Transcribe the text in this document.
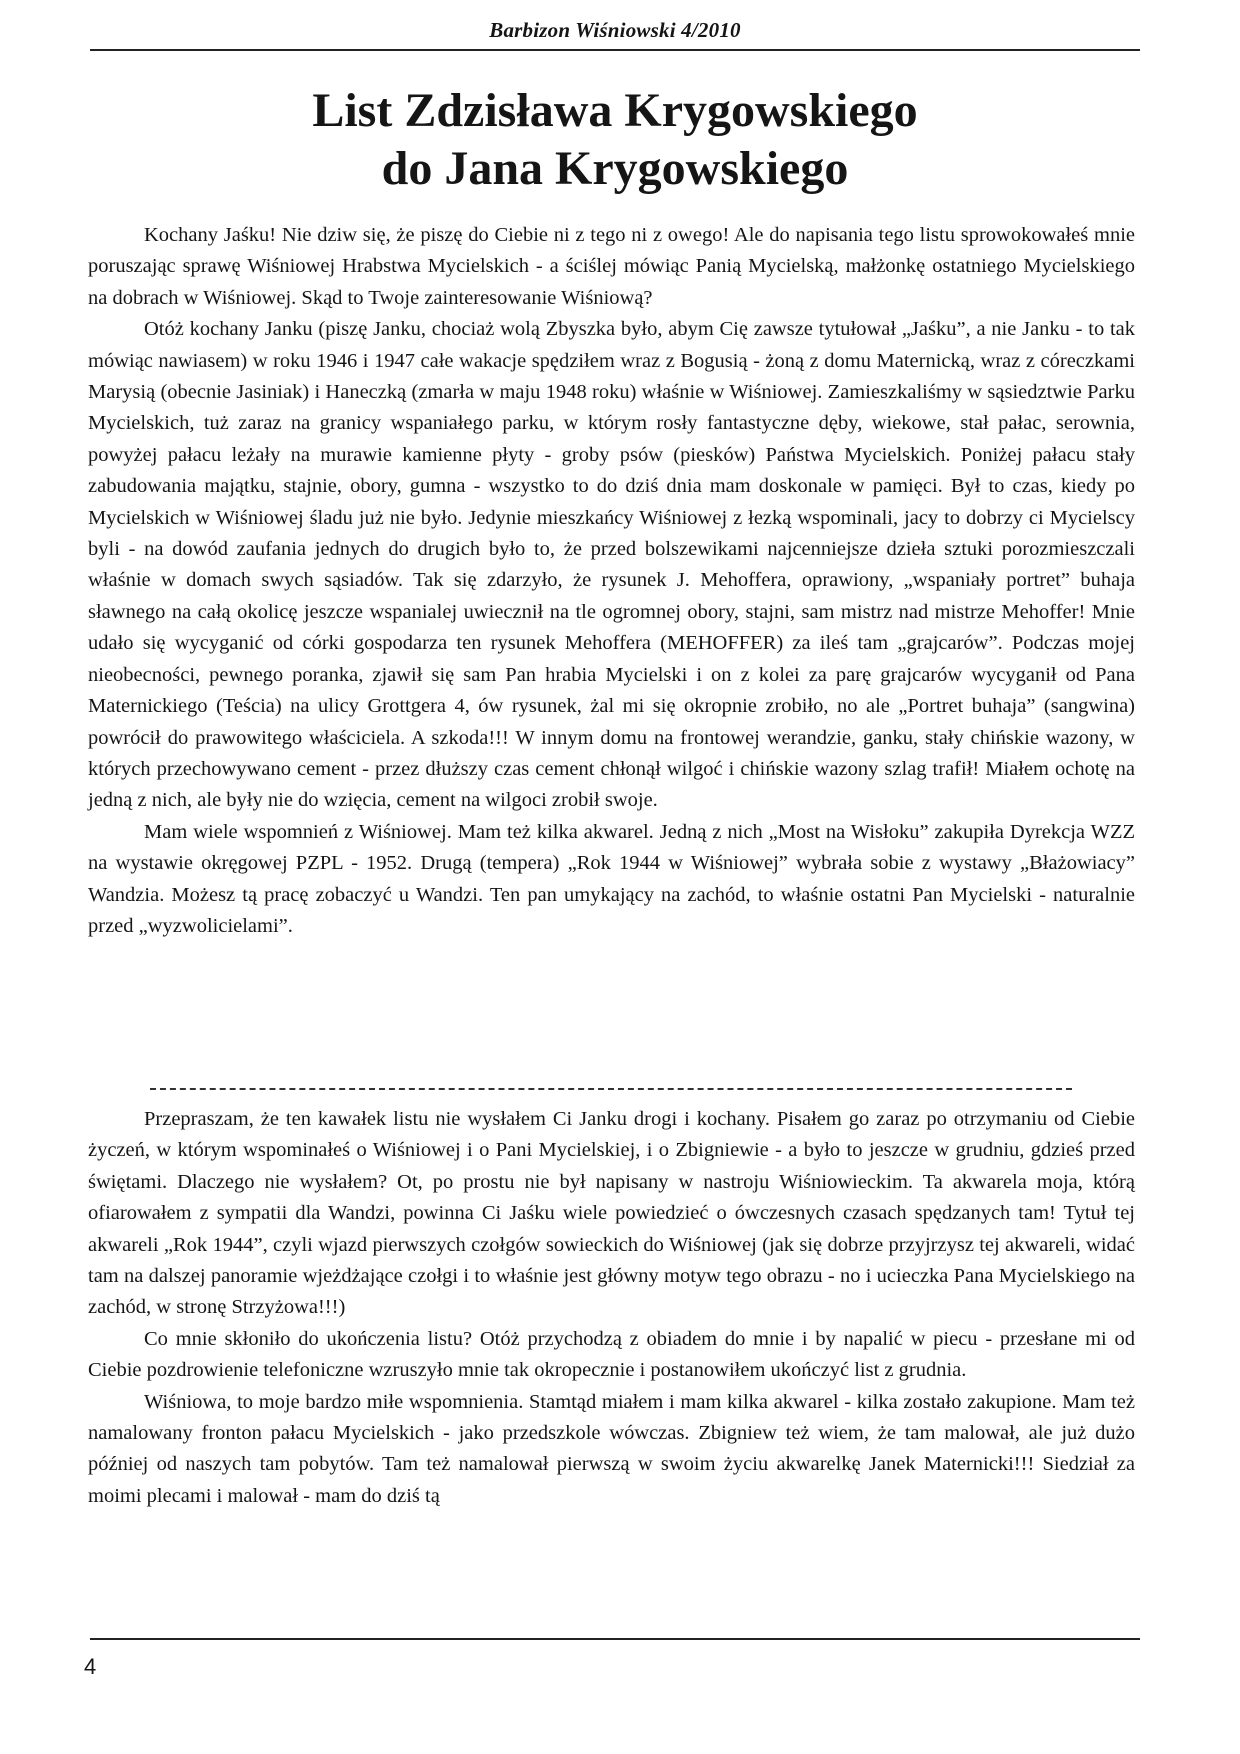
Barbizon Wiśniowski 4/2010
List Zdzisława Krygowskiego
do Jana Krygowskiego

Kochany Jaśku! Nie dziw się, że piszę do Ciebie ni z tego ni z owego! Ale do napisania tego listu sprowokowałeś mnie poruszając sprawę Wiśniowej Hrabstwa Mycielskich - a ściślej mówiąc Panią Mycielską, małżonkę ostatniego Mycielskiego na dobrach w Wiśniowej. Skąd to Twoje zainteresowanie Wiśniową?

Otóż kochany Janku (piszę Janku, chociaż wolą Zbyszka było, abym Cię zawsze tytułował „Jaśku”, a nie Janku - to tak mówiąc nawiasem) w roku 1946 i 1947 całe wakacje spędziłem wraz z Bogusią - żoną z domu Maternicką, wraz z córeczkami Marysią (obecnie Jasiniak) i Haneczką (zmarła w maju 1948 roku) właśnie w Wiśniowej. Zamieszkaliśmy w sąsiedztwie Parku Mycielskich, tuż zaraz na granicy wspaniałego parku, w którym rosły fantastyczne dęby, wiekowe, stał pałac, serownia, powyżej pałacu leżały na murawie kamienne płyty - groby psów (piesków) Państwa Mycielskich. Poniżej pałacu stały zabudowania majątku, stajnie, obory, gumna - wszystko to do dziś dnia mam doskonale w pamięci. Był to czas, kiedy po Mycielskich w Wiśniowej śladu już nie było. Jedynie mieszkańcy Wiśniowej z łezką wspominali, jacy to dobrzy ci Mycielscy byli - na dowód zaufania jednych do drugich było to, że przed bolszewikami najcenniejsze dzieła sztuki porozmieszczali właśnie w domach swych sąsiadów. Tak się zdarzyło, że rysunek J. Mehoffera, oprawiony, „wspaniały portret” buhaja sławnego na całą okolicę jeszcze wspanialej uwiecznił na tle ogromnej obory, stajni, sam mistrz nad mistrze Mehoffer! Mnie udało się wycyganić od córki gospodarza ten rysunek Mehoffera (MEHOFFER) za ileś tam „grajcarów”. Podczas mojej nieobecności, pewnego poranka, zjawił się sam Pan hrabia Mycielski i on z kolei za parę grajcarów wycyganił od Pana Maternickiego (Teścia) na ulicy Grottgera 4, ów rysunek, żal mi się okropnie zrobiło, no ale „Portret buhaja” (sangwina) powrócił do prawowitego właściciela. A szkoda!!! W innym domu na frontowej werandzie, ganku, stały chińskie wazony, w których przechowywano cement - przez dłuższy czas cement chłonął wilgoć i chińskie wazony szlag trafił! Miałem ochotę na jedną z nich, ale były nie do wzięcia, cement na wilgoci zrobił swoje.

Mam wiele wspomnień z Wiśniowej. Mam też kilka akwarel. Jedną z nich „Most na Wisłoku” zakupiła Dyrekcja WZZ na wystawie okręgowej PZPL - 1952. Drugą (tempera) „Rok 1944 w Wiśniowej” wybrała sobie z wystawy „Błażowiacy” Wandzia. Możesz tą pracę zobaczyć u Wandzi. Ten pan umykający na zachód, to właśnie ostatni Pan Mycielski - naturalnie przed „wyzwolicielami”.

Przepraszam, że ten kawałek listu nie wysłałem Ci Janku drogi i kochany. Pisałem go zaraz po otrzymaniu od Ciebie życzeń, w którym wspominałeś o Wiśniowej i o Pani Mycielskiej, i o Zbigniewie - a było to jeszcze w grudniu, gdzieś przed świętami. Dlaczego nie wysłałem? Ot, po prostu nie był napisany w nastroju Wiśniowieckim. Ta akwarela moja, którą ofiarowałem z sympatii dla Wandzi, powinna Ci Jaśku wiele powiedzieć o ówczesnych czasach spędzanych tam! Tytuł tej akwareli „Rok 1944”, czyli wjazd pierwszych czołgów sowieckich do Wiśniowej (jak się dobrze przyjrzysz tej akwareli, widać tam na dalszej panoramie wjeżdżające czołgi i to właśnie jest główny motyw tego obrazu - no i ucieczka Pana Mycielskiego na zachód, w stronę Strzyżowa!!!)

Co mnie skłoniło do ukończenia listu? Otóż przychodzą z obiadem do mnie i by napalić w piecu - przesłane mi od Ciebie pozdrowienie telefoniczne wzruszyło mnie tak okropecznie i postanowiłem ukończyć list z grudnia.

Wiśniowa, to moje bardzo miłe wspomnienia. Stamtąd miałem i mam kilka akwarel - kilka zostało zakupione. Mam też namalowany fronton pałacu Mycielskich - jako przedszkole wówczas. Zbigniew też wiem, że tam malował, ale już dużo później od naszych tam pobytów. Tam też namalował pierwszą w swoim życiu akwarelkę Janek Maternicki!!! Siedział za moimi plecami i malował - mam do dziś tą

4
